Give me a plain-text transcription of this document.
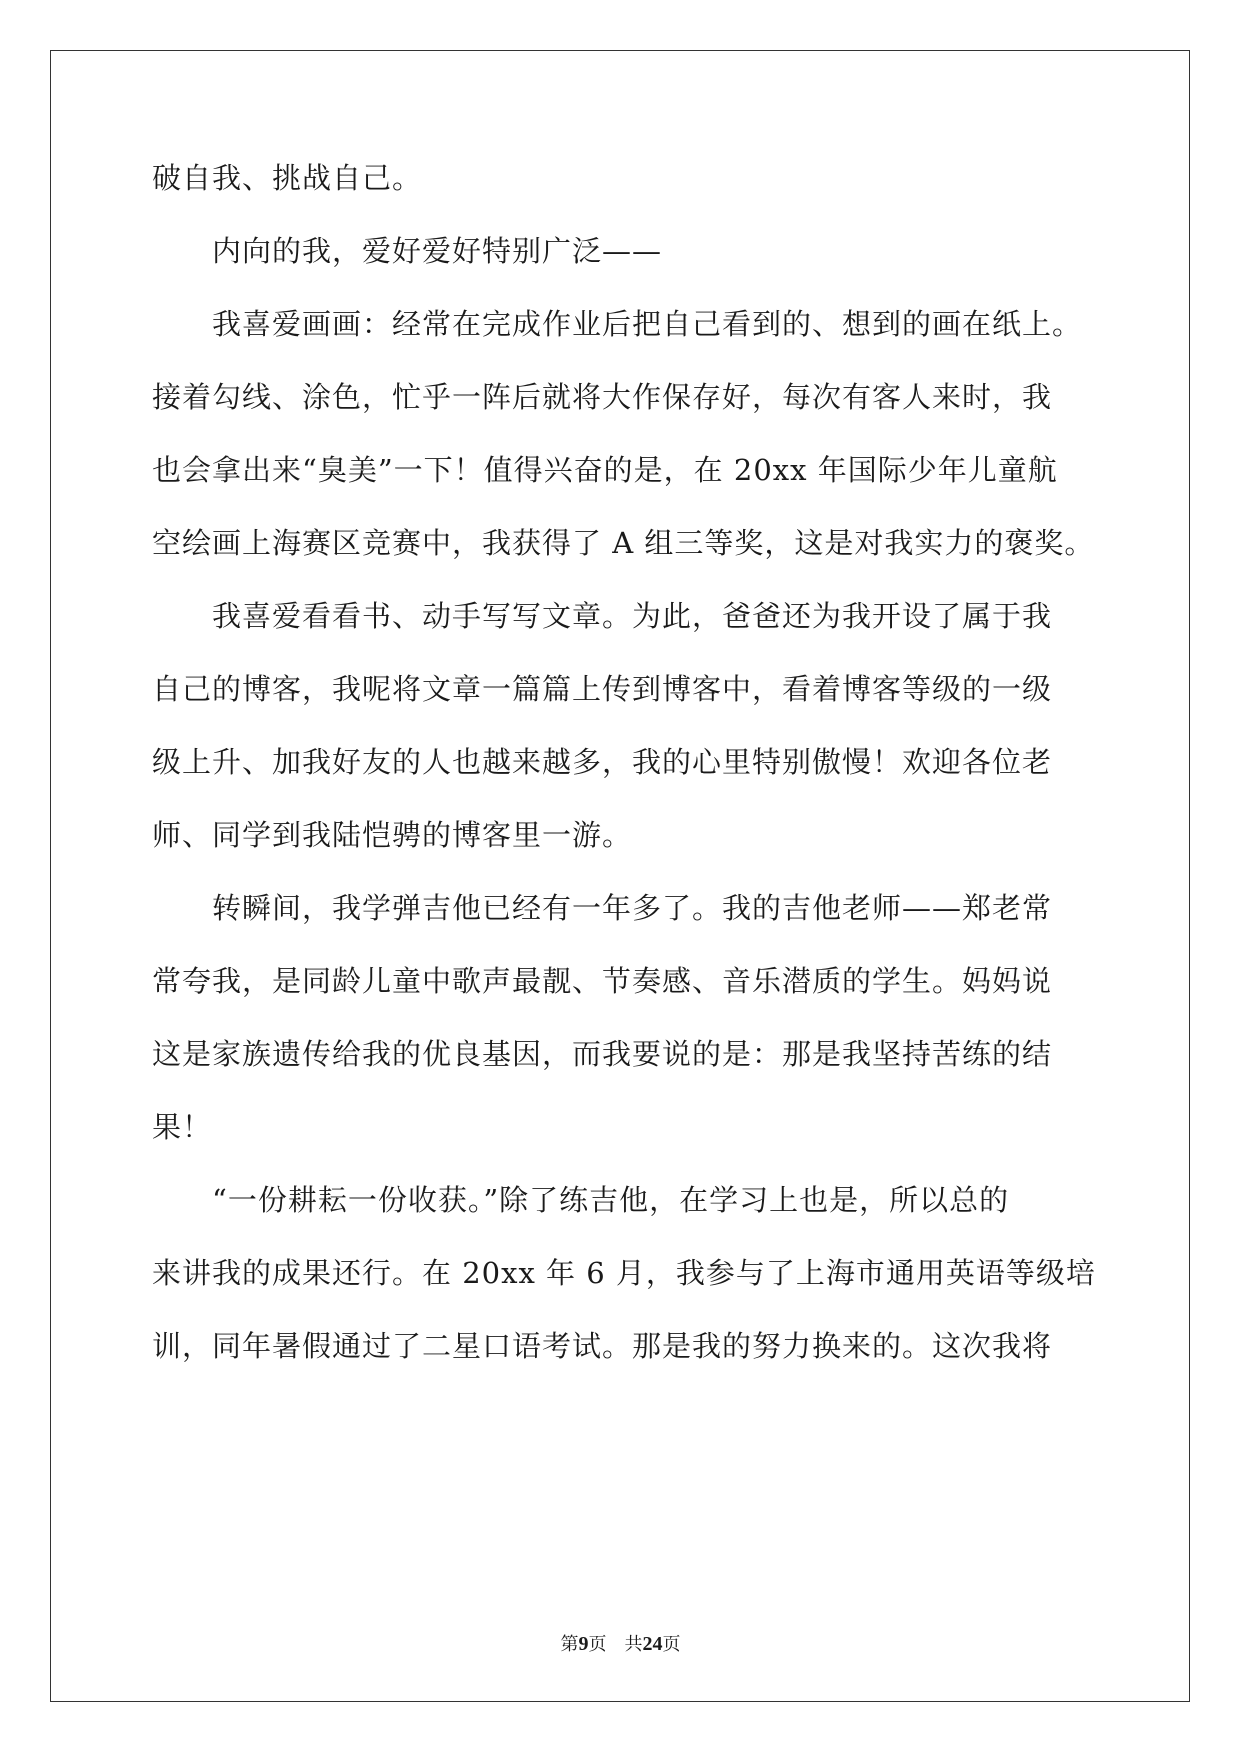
破自我、挑战自己。
　　内向的我，爱好爱好特别广泛——
　　我喜爱画画：经常在完成作业后把自己看到的、想到的画在纸上。
接着勾线、涂色，忙乎一阵后就将大作保存好，每次有客人来时，我
也会拿出来“臭美”一下！值得兴奋的是，在 20xx 年国际少年儿童航
空绘画上海赛区竞赛中，我获得了 A 组三等奖，这是对我实力的褒奖。
　　我喜爱看看书、动手写写文章。为此，爸爸还为我开设了属于我
自己的博客，我呢将文章一篇篇上传到博客中，看着博客等级的一级
级上升、加我好友的人也越来越多，我的心里特别傲慢！欢迎各位老
师、同学到我陆恺骋的博客里一游。
　　转瞬间，我学弹吉他已经有一年多了。我的吉他老师——郑老常
常夸我，是同龄儿童中歌声最靓、节奏感、音乐潜质的学生。妈妈说
这是家族遗传给我的优良基因，而我要说的是：那是我坚持苦练的结
果！
　　“一份耕耘一份收获。”除了练吉他，在学习上也是，所以总的
来讲我的成果还行。在 20xx 年 6 月，我参与了上海市通用英语等级培
训，同年暑假通过了二星口语考试。那是我的努力换来的。这次我将
第9页　共24页
